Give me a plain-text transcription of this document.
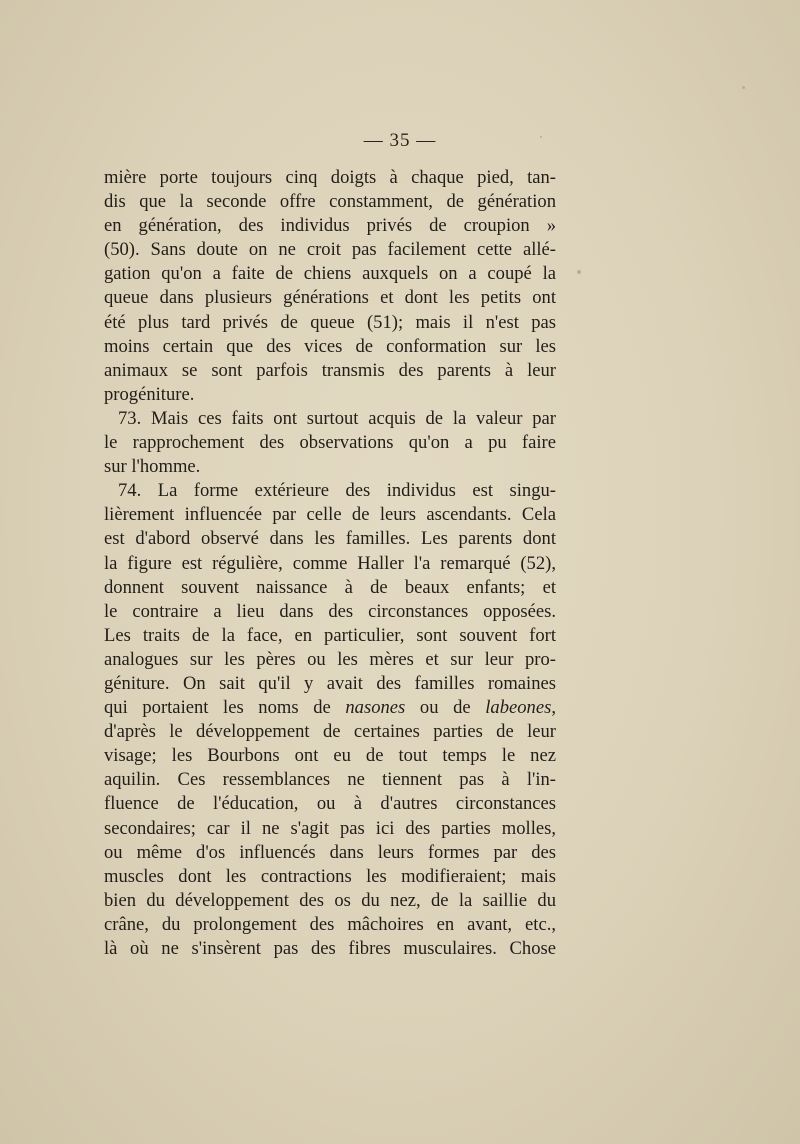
— 35 —
mière porte toujours cinq doigts à chaque pied, tan-
dis que la seconde offre constamment, de génération
en génération, des individus privés de croupion »
(50). Sans doute on ne croit pas facilement cette allé-
gation qu'on a faite de chiens auxquels on a coupé la
queue dans plusieurs générations et dont les petits ont
été plus tard privés de queue (51); mais il n'est pas
moins certain que des vices de conformation sur les
animaux se sont parfois transmis des parents à leur
progéniture.
73. Mais ces faits ont surtout acquis de la valeur par
le rapprochement des observations qu'on a pu faire
sur l'homme.
74. La forme extérieure des individus est singu-
lièrement influencée par celle de leurs ascendants. Cela
est d'abord observé dans les familles. Les parents dont
la figure est régulière, comme Haller l'a remarqué (52),
donnent souvent naissance à de beaux enfants; et
le contraire a lieu dans des circonstances opposées.
Les traits de la face, en particulier, sont souvent fort
analogues sur les pères ou les mères et sur leur pro-
géniture. On sait qu'il y avait des familles romaines
qui portaient les noms de nasones ou de labeones,
d'après le développement de certaines parties de leur
visage; les Bourbons ont eu de tout temps le nez
aquilin. Ces ressemblances ne tiennent pas à l'in-
fluence de l'éducation, ou à d'autres circonstances
secondaires; car il ne s'agit pas ici des parties molles,
ou même d'os influencés dans leurs formes par des
muscles dont les contractions les modifieraient; mais
bien du développement des os du nez, de la saillie du
crâne, du prolongement des mâchoires en avant, etc.,
là où ne s'insèrent pas des fibres musculaires. Chose
